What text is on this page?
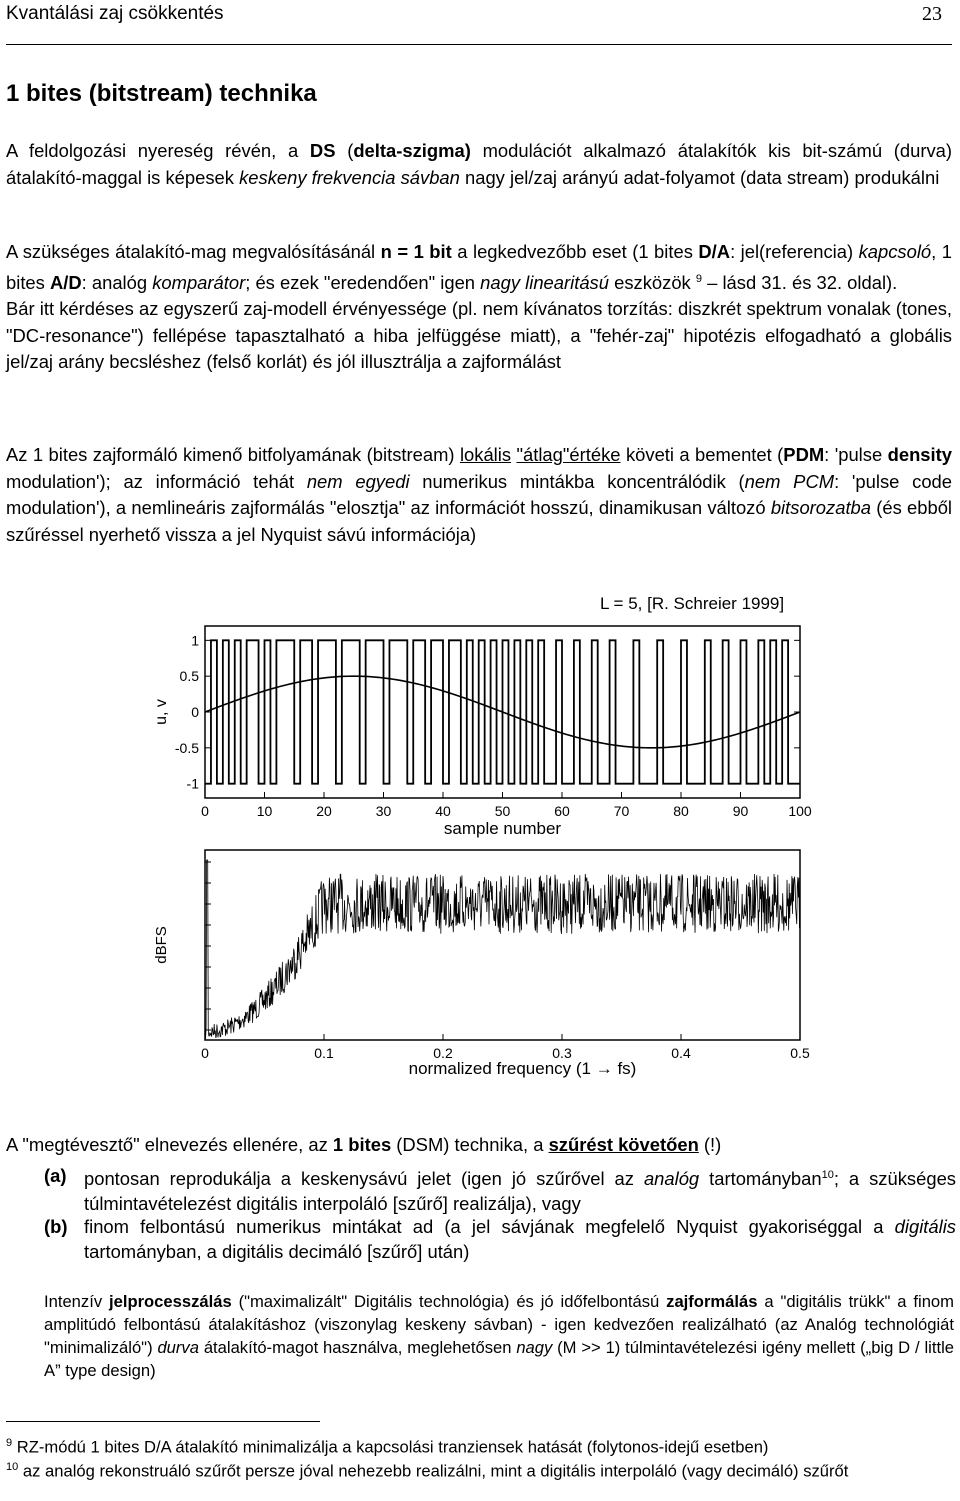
Kvantálási zaj csökkentés	23
1 bites (bitstream) technika
A feldolgozási nyereség révén, a DS (delta-szigma) modulációt alkalmazó átalakítók kis bit-számú (durva) átalakító-maggal is képesek keskeny frekvencia sávban nagy jel/zaj arányú adat-folyamot (data stream) produkálni
A szükséges átalakító-mag megvalósításánál n = 1 bit a legkedvezőbb eset (1 bites D/A: jel(referencia) kapcsoló, 1 bites A/D: analóg komparátor; és ezek "eredendően" igen nagy linearitású eszközök $^9$ – lásd 31. és 32. oldal).
Bár itt kérdéses az egyszerű zaj-modell érvényessége (pl. nem kívánatos torzítás: diszkrét spektrum vonalak (tones, "DC-resonance") fellépése tapasztalható a hiba jelfüggése miatt), a "fehér-zaj" hipotézis elfogadható a globális jel/zaj arány becsléshez (felső korlát) és jól illusztrálja a zajformálást
Az 1 bites zajformáló kimenő bitfolyamának (bitstream) lokális "átlag"értéke követi a bementet (PDM: 'pulse density modulation'); az információ tehát nem egyedi numerikus mintákba koncentrálódik (nem PCM: 'pulse code modulation'), a nemlineáris zajformálás "elosztja" az információt hosszú, dinamikusan változó bitsorozatba (és ebből szűréssel nyerhető vissza a jel Nyquist sávú információja)
L = 5, [R. Schreier 1999]
1
0.5
0
-0.5
-1
0	10	20	30	40	50	60	70	80	90	100
sample number
u, v
0	0.1	0.2	0.3	0.4	0.5
normalized frequency (1 → fs)
dBFS
A "megtévesztő" elnevezés ellenére, az 1 bites (DSM) technika, a szűrést követően (!)
(a) pontosan reprodukálja a keskenysávú jelet (igen jó szűrővel az analóg tartományban$^{10}$; a szükséges túlmintavételezést digitális interpoláló [szűrő] realizálja), vagy
(b) finom felbontású numerikus mintákat ad (a jel sávjának megfelelő Nyquist gyakoriséggal a digitális tartományban, a digitális decimáló [szűrő] után)
Intenzív jelprocesszálás ("maximalizált" Digitális technológia) és jó időfelbontású zajformálás a "digitális trükk" a finom amplitúdó felbontású átalakításhoz (viszonylag keskeny sávban) - igen kedvezően realizálható (az Analóg technológiát "minimalizáló") durva átalakító-magot használva, meglehetősen nagy (M >> 1) túlmintavételezési igény mellett („big D / little A” type design)
$^9$ RZ-módú 1 bites D/A átalakító minimalizálja a kapcsolási tranziensek hatását (folytonos-idejű esetben)
$^{10}$ az analóg rekonstruáló szűrőt persze jóval nehezebb realizálni, mint a digitális interpoláló (vagy decimáló) szűrőt
